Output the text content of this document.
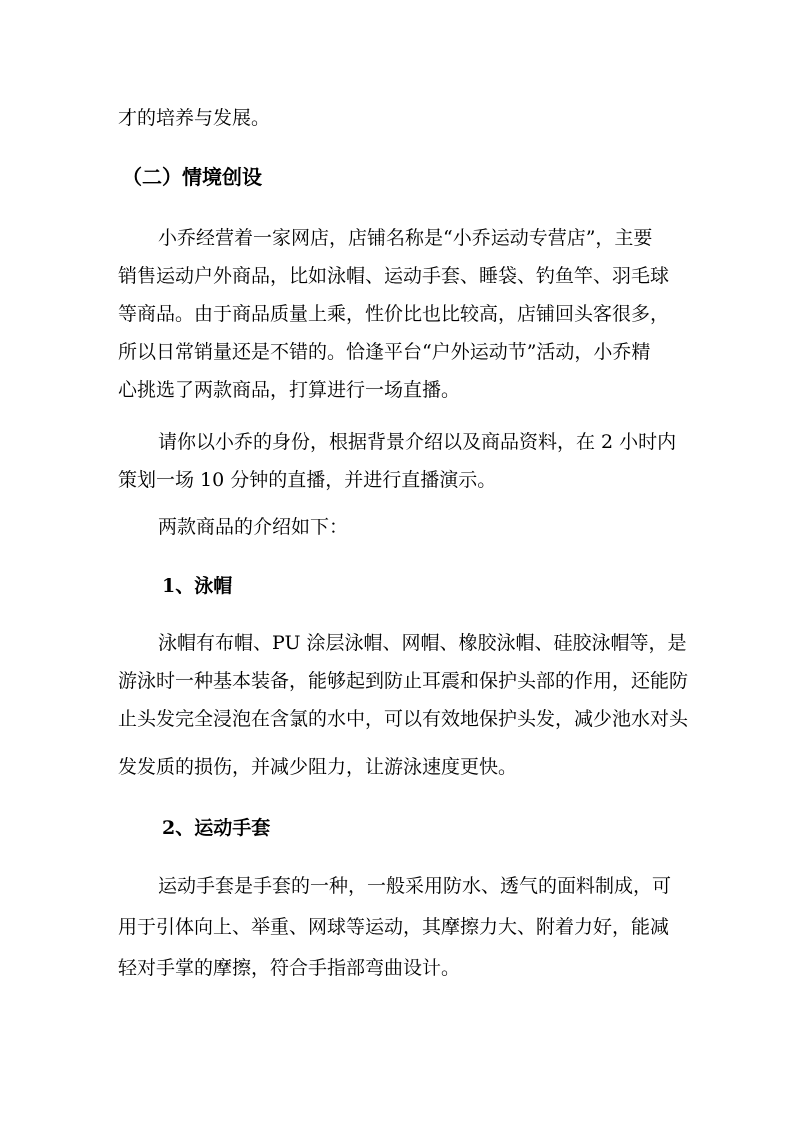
才的培养与发展。
（二）情境创设
小乔经营着一家网店，店铺名称是“小乔运动专营店”，主要
销售运动户外商品，比如泳帽、运动手套、睡袋、钓鱼竿、羽毛球
等商品。由于商品质量上乘，性价比也比较高，店铺回头客很多，
所以日常销量还是不错的。恰逢平台“户外运动节”活动，小乔精
心挑选了两款商品，打算进行一场直播。
请你以小乔的身份，根据背景介绍以及商品资料，在 2 小时内
策划一场 10 分钟的直播，并进行直播演示。
两款商品的介绍如下：
1、泳帽
泳帽有布帽、PU 涂层泳帽、网帽、橡胶泳帽、硅胶泳帽等，是
游泳时一种基本装备，能够起到防止耳震和保护头部的作用，还能防
止头发完全浸泡在含氯的水中，可以有效地保护头发，减少池水对头
发发质的损伤，并减少阻力，让游泳速度更快。
2、运动手套
运动手套是手套的一种，一般采用防水、透气的面料制成，可
用于引体向上、举重、网球等运动，其摩擦力大、附着力好，能减
轻对手掌的摩擦，符合手指部弯曲设计。
